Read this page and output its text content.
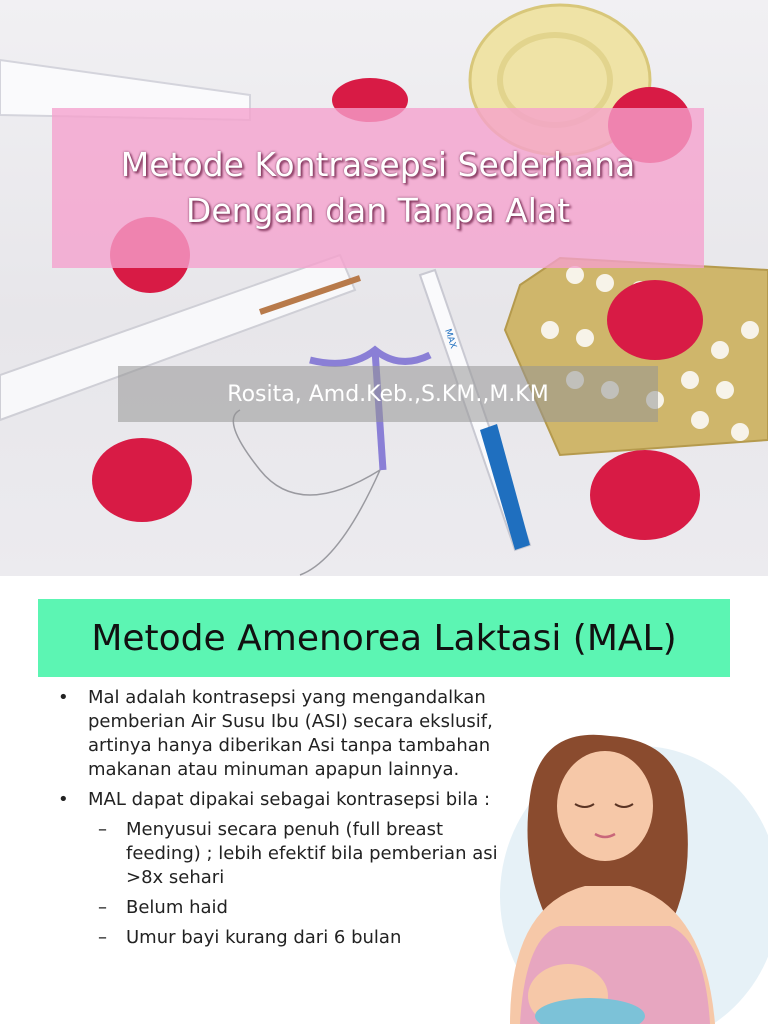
MAX
Metode Kontrasepsi Sederhana
Dengan dan Tanpa Alat
Rosita, Amd.Keb.,S.KM.,M.KM
Metode Amenorea Laktasi (MAL)
• Mal adalah kontrasepsi yang mengandalkan pemberian Air Susu Ibu (ASI) secara ekslusif, artinya hanya diberikan Asi tanpa tambahan makanan atau minuman apapun lainnya.
• MAL dapat dipakai sebagai kontrasepsi bila :
– Menyusui secara penuh (full breast feeding) ; lebih efektif bila pemberian asi >8x sehari
– Belum haid
– Umur bayi kurang dari 6 bulan
